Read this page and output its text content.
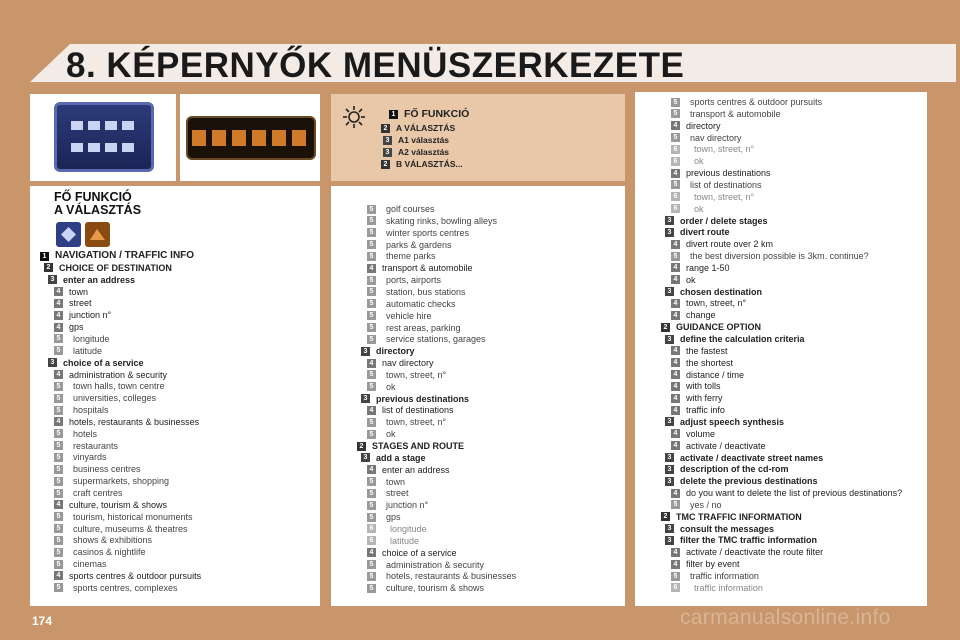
8. KÉPERNYŐK MENÜSZERKEZETE
1 FŐ FUNKCIÓ
2 A VÁLASZTÁS
3 A1 választás
3 A2 választás
2 B VÁLASZTÁS...
FŐ FUNKCIÓ
A VÁLASZTÁS
1 NAVIGATION / TRAFFIC INFO
2 CHOICE OF DESTINATION
3 enter an address
4 town
4 street
4 junction n°
4 gps
5 longitude
5 latitude
3 choice of a service
4 administration & security
5 town halls, town centre
5 universities, colleges
5 hospitals
4 hotels, restaurants & businesses
5 hotels
5 restaurants
5 vinyards
5 business centres
5 supermarkets, shopping
5 craft centres
4 culture, tourism & shows
5 tourism, historical monuments
5 culture, museums & theatres
5 shows & exhibitions
5 casinos & nightlife
5 cinemas
4 sports centres & outdoor pursuits
5 sports centres, complexes
5 golf courses
5 skating rinks, bowling alleys
5 winter sports centres
5 parks & gardens
5 theme parks
4 transport & automobile
5 ports, airports
5 station, bus stations
5 automatic checks
5 vehicle hire
5 rest areas, parking
5 service stations, garages
3 directory
4 nav directory
5 town, street, n°
5 ok
3 previous destinations
4 list of destinations
5 town, street, n°
5 ok
2 STAGES AND ROUTE
3 add a stage
4 enter an address
5 town
5 street
5 junction n°
5 gps
6 longitude
6 latitude
4 choice of a service
5 administration & security
5 hotels, restaurants & businesses
5 culture, tourism & shows
5 sports centres & outdoor pursuits
5 transport & automobile
4 directory
5 nav directory
6 town, street, n°
6 ok
4 previous destinations
5 list of destinations
6 town, street, n°
6 ok
3 order / delete stages
3 divert route
4 divert route over 2 km
5 the best diversion possible is 3km. continue?
4 range 1-50
4 ok
3 chosen destination
4 town, street, n°
4 change
2 GUIDANCE OPTION
3 define the calculation criteria
4 the fastest
4 the shortest
4 distance / time
4 with tolls
4 with ferry
4 traffic info
3 adjust speech synthesis
4 volume
4 activate / deactivate
3 activate / deactivate street names
3 description of the cd-rom
3 delete the previous destinations
4 do you want to delete the list of previous destinations?
5 yes / no
2 TMC TRAFFIC INFORMATION
3 consult the messages
3 filter the TMC traffic information
4 activate / deactivate the route filter
4 filter by event
5 traffic information
6 traffic information
174	carmanualsonline.info
